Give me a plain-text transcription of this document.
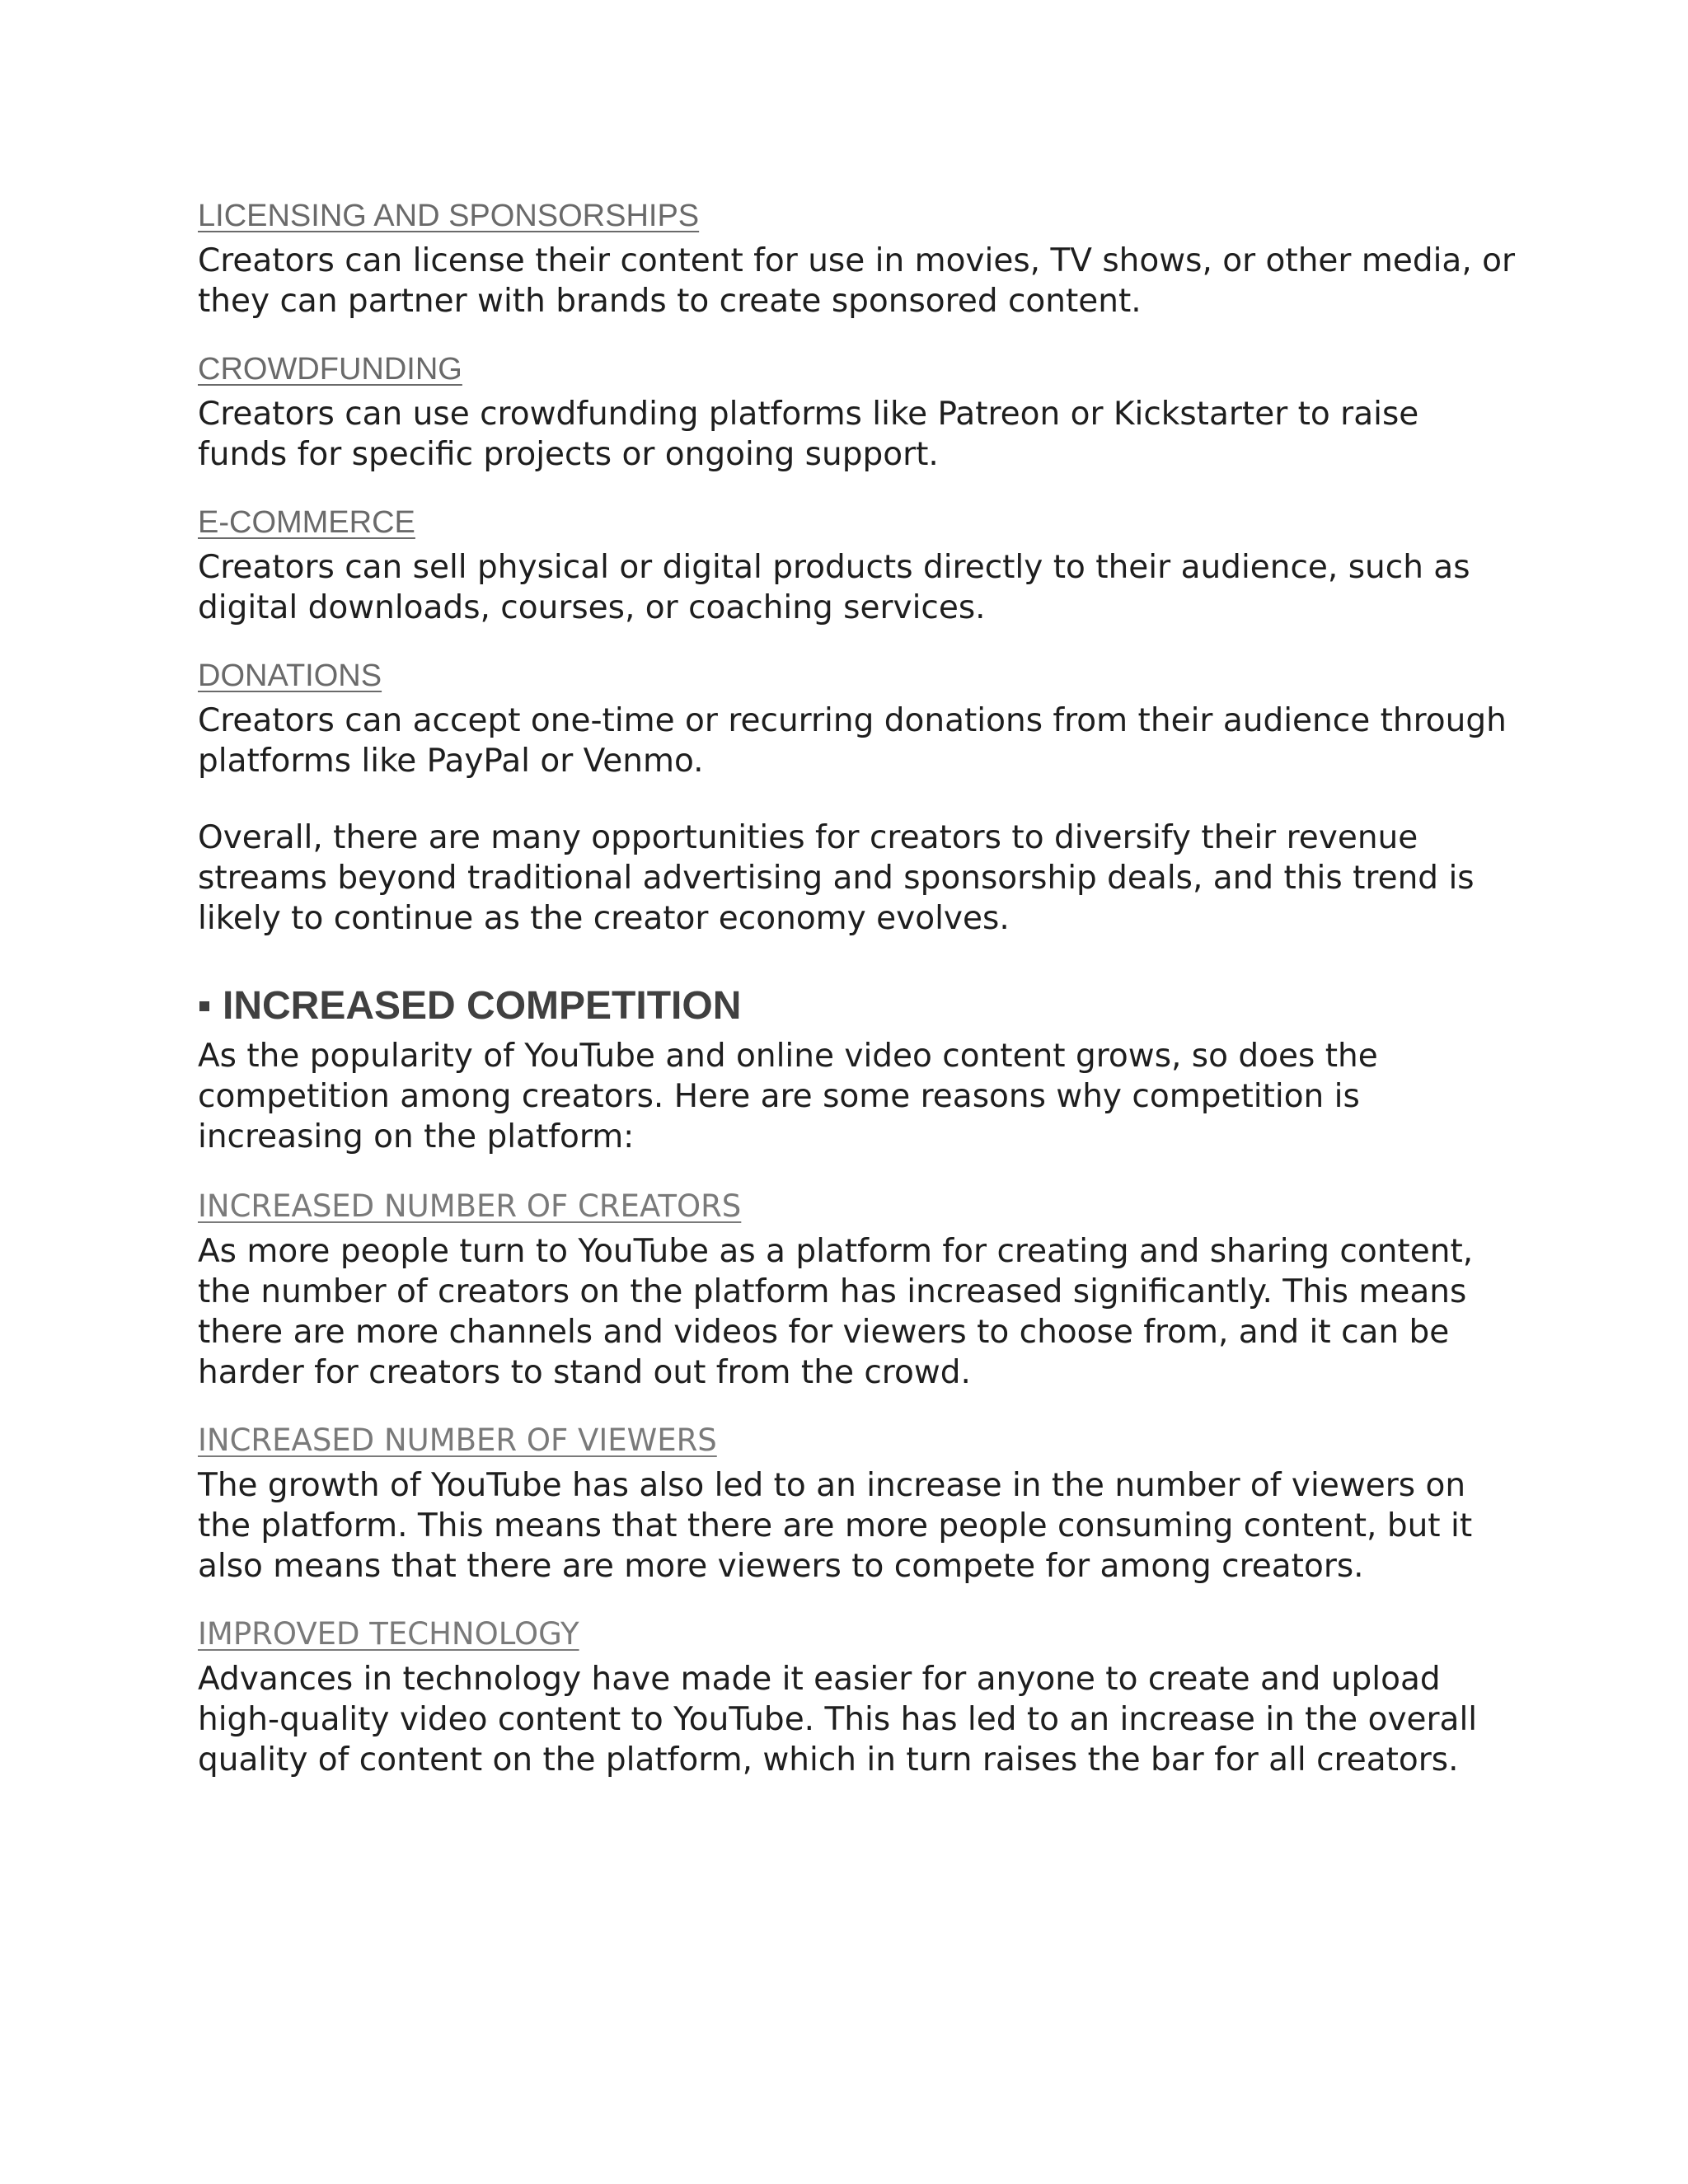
LICENSING AND SPONSORSHIPS

Creators can license their content for use in movies, TV shows, or other media, or they can partner with brands to create sponsored content.

CROWDFUNDING

Creators can use crowdfunding platforms like Patreon or Kickstarter to raise funds for specific projects or ongoing support.

E-COMMERCE

Creators can sell physical or digital products directly to their audience, such as digital downloads, courses, or coaching services.

DONATIONS

Creators can accept one-time or recurring donations from their audience through platforms like PayPal or Venmo.

Overall, there are many opportunities for creators to diversify their revenue streams beyond traditional advertising and sponsorship deals, and this trend is likely to continue as the creator economy evolves.

INCREASED COMPETITION

As the popularity of YouTube and online video content grows, so does the competition among creators. Here are some reasons why competition is increasing on the platform:

INCREASED NUMBER OF CREATORS

As more people turn to YouTube as a platform for creating and sharing content, the number of creators on the platform has increased significantly. This means there are more channels and videos for viewers to choose from, and it can be harder for creators to stand out from the crowd.

INCREASED NUMBER OF VIEWERS

The growth of YouTube has also led to an increase in the number of viewers on the platform. This means that there are more people consuming content, but it also means that there are more viewers to compete for among creators.

IMPROVED TECHNOLOGY

Advances in technology have made it easier for anyone to create and upload high-quality video content to YouTube. This has led to an increase in the overall quality of content on the platform, which in turn raises the bar for all creators.
